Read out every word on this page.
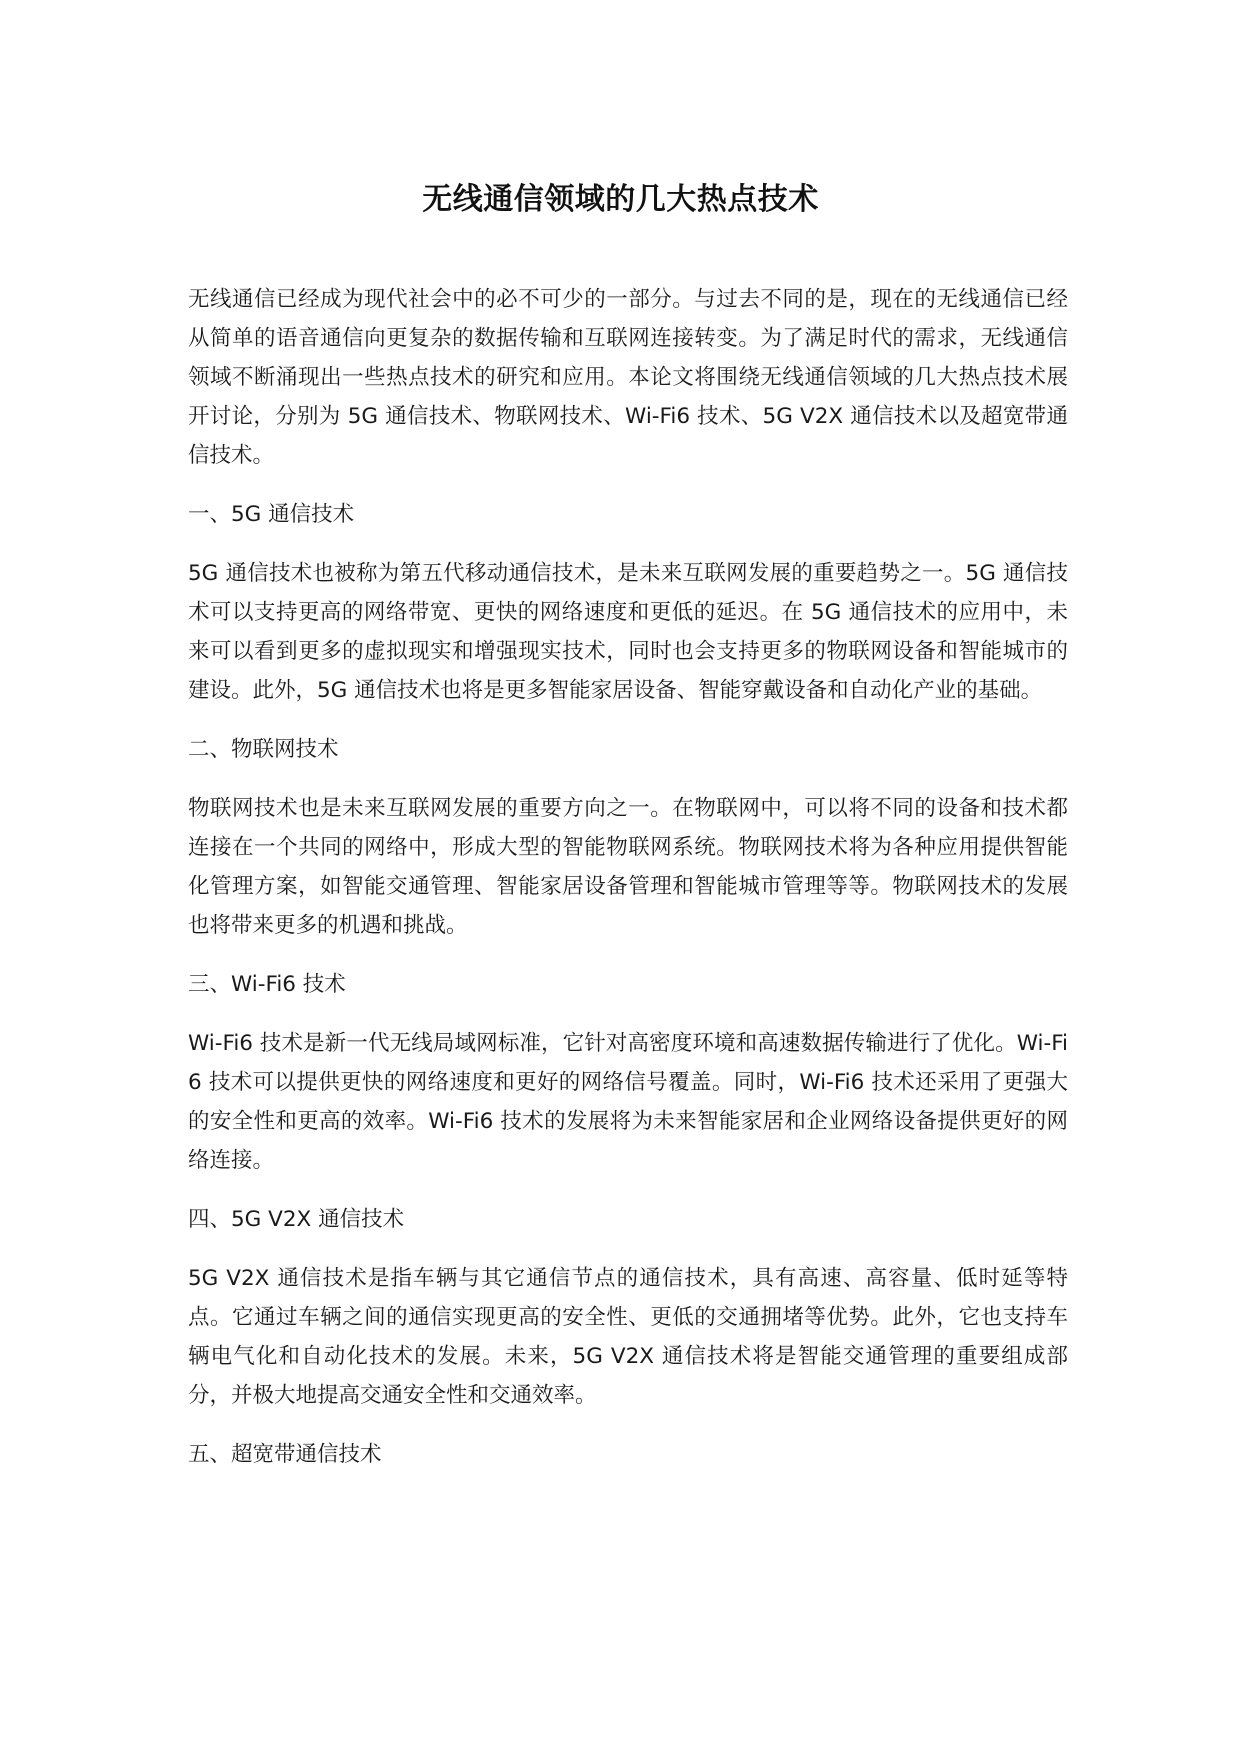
无线通信领域的几大热点技术

无线通信已经成为现代社会中的必不可少的一部分。与过去不同的是，现在的无线通信已经从简单的语音通信向更复杂的数据传输和互联网连接转变。为了满足时代的需求，无线通信领域不断涌现出一些热点技术的研究和应用。本论文将围绕无线通信领域的几大热点技术展开讨论，分别为 5G 通信技术、物联网技术、Wi-Fi6 技术、5G V2X 通信技术以及超宽带通信技术。

一、5G 通信技术

5G 通信技术也被称为第五代移动通信技术，是未来互联网发展的重要趋势之一。5G 通信技术可以支持更高的网络带宽、更快的网络速度和更低的延迟。在 5G 通信技术的应用中，未来可以看到更多的虚拟现实和增强现实技术，同时也会支持更多的物联网设备和智能城市的建设。此外，5G 通信技术也将是更多智能家居设备、智能穿戴设备和自动化产业的基础。

二、物联网技术

物联网技术也是未来互联网发展的重要方向之一。在物联网中，可以将不同的设备和技术都连接在一个共同的网络中，形成大型的智能物联网系统。物联网技术将为各种应用提供智能化管理方案，如智能交通管理、智能家居设备管理和智能城市管理等等。物联网技术的发展也将带来更多的机遇和挑战。

三、Wi-Fi6 技术

Wi-Fi6 技术是新一代无线局域网标准，它针对高密度环境和高速数据传输进行了优化。Wi-Fi6 技术可以提供更快的网络速度和更好的网络信号覆盖。同时，Wi-Fi6 技术还采用了更强大的安全性和更高的效率。Wi-Fi6 技术的发展将为未来智能家居和企业网络设备提供更好的网络连接。

四、5G V2X 通信技术

5G V2X 通信技术是指车辆与其它通信节点的通信技术，具有高速、高容量、低时延等特点。它通过车辆之间的通信实现更高的安全性、更低的交通拥堵等优势。此外，它也支持车辆电气化和自动化技术的发展。未来，5G V2X 通信技术将是智能交通管理的重要组成部分，并极大地提高交通安全性和交通效率。

五、超宽带通信技术
